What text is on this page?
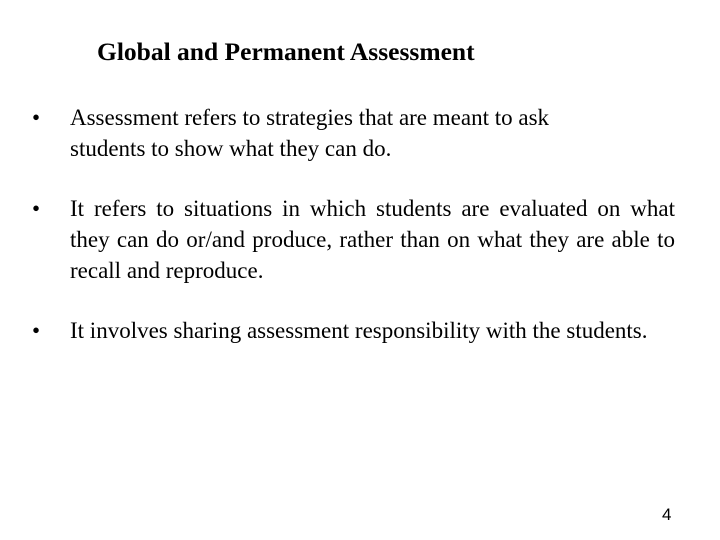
Global and Permanent Assessment
•	Assessment refers to strategies that are meant to ask students to show what they can do.
•	It refers to situations in which students are evaluated on what they can do or/and produce, rather than on what they are able to recall and reproduce.
•	It involves sharing assessment responsibility with the students.
4
